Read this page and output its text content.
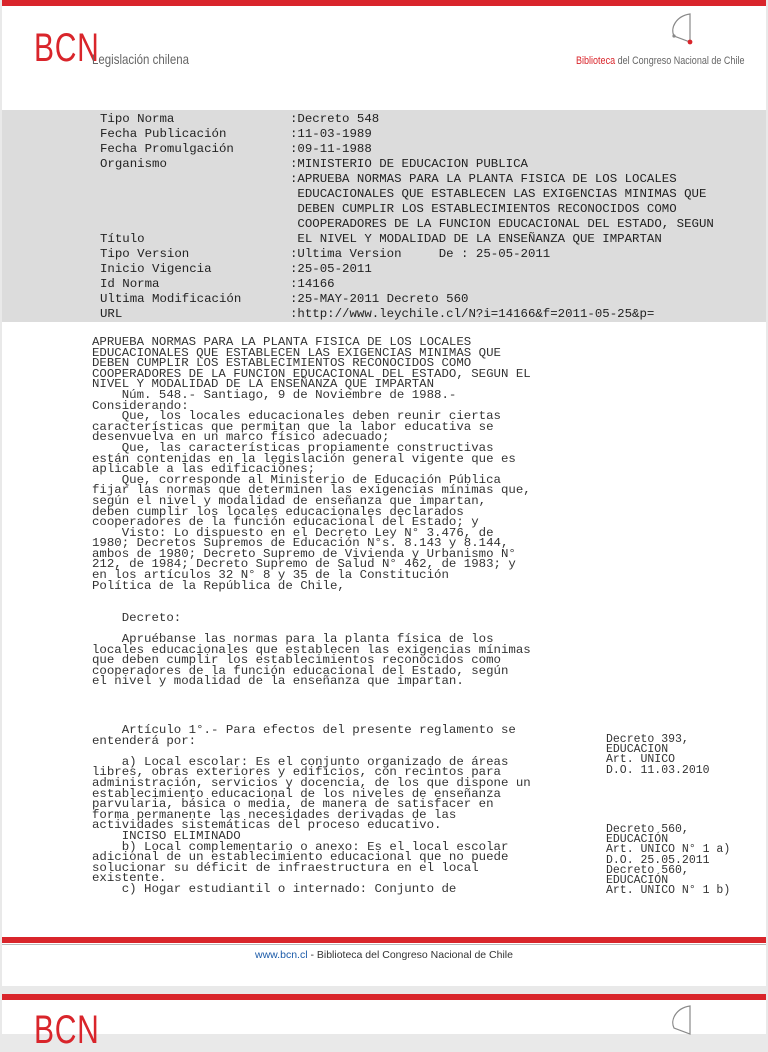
BCN
Legislación chilena	Biblioteca del Congreso Nacional de Chile
Tipo Norma	:Decreto 548
Fecha Publicación	:11-03-1989
Fecha Promulgación	:09-11-1988
Organismo	:MINISTERIO DE EDUCACION PUBLICA
Título:APRUEBA NORMAS PARA LA PLANTA FISICA DE LOS LOCALES
EDUCACIONALES QUE ESTABLECEN LAS EXIGENCIAS MINIMAS QUE
DEBEN CUMPLIR LOS ESTABLECIMIENTOS RECONOCIDOS COMO
COOPERADORES DE LA FUNCION EDUCACIONAL DEL ESTADO, SEGUN
EL NIVEL Y MODALIDAD DE LA ENSEÑANZA QUE IMPARTAN
Tipo Version	:Ultima Version     De : 25-05-2011
Inicio Vigencia	:25-05-2011
Id Norma	:14166
Ultima Modificación	:25-MAY-2011 Decreto 560
URL	:http://www.leychile.cl/N?i=14166&f=2011-05-25&p=
APRUEBA NORMAS PARA LA PLANTA FISICA DE LOS LOCALES
EDUCACIONALES QUE ESTABLECEN LAS EXIGENCIAS MINIMAS QUE
DEBEN CUMPLIR LOS ESTABLECIMIENTOS RECONOCIDOS COMO
COOPERADORES DE LA FUNCION EDUCACIONAL DEL ESTADO, SEGUN EL
NIVEL Y MODALIDAD DE LA ENSEÑANZA QUE IMPARTAN
Núm. 548.- Santiago, 9 de Noviembre de 1988.-
Considerando:
Que, los locales educacionales deben reunir ciertas
características que permitan que la labor educativa se
desenvuelva en un marco físico adecuado;
Que, las características propiamente constructivas
están contenidas en la legislación general vigente que es
aplicable a las edificaciones;
Que, corresponde al Ministerio de Educación Pública
fijar las normas que determinen las exigencias mínimas que,
según el nivel y modalidad de enseñanza que impartan,
deben cumplir los locales educacionales declarados
cooperadores de la función educacional del Estado; y
Visto: Lo dispuesto en el Decreto Ley N° 3.476, de
1980; Decretos Supremos de Educación N°s. 8.143 y 8.144,
ambos de 1980; Decreto Supremo de Vivienda y Urbanismo N°
212, de 1984; Decreto Supremo de Salud N° 462, de 1983; y
en los artículos 32 N° 8 y 35 de la Constitución
Política de la República de Chile,
Decreto:
Apruébanse las normas para la planta física de los
locales educacionales que establecen las exigencias mínimas
que deben cumplir los establecimientos reconocidos como
cooperadores de la función educacional del Estado, según
el nivel y modalidad de la enseñanza que impartan.
Artículo 1°.- Para efectos del presente reglamento se
entenderá por:

a) Local escolar: Es el conjunto organizado de áreas
libres, obras exteriores y edificios, con recintos para
administración, servicios y docencia, de los que dispone un
establecimiento educacional de los niveles de enseñanza
parvularia, básica o media, de manera de satisfacer en
forma permanente las necesidades derivadas de las
actividades sistemáticas del proceso educativo.
INCISO ELIMINADO
b) Local complementario o anexo: Es el local escolar
adicional de un establecimiento educacional que no puede
solucionar su déficit de infraestructura en el local
existente.
c) Hogar estudiantil o internado: Conjunto de
Decreto 393,
EDUCACION
Art. UNICO
D.O. 11.03.2010
Decreto 560,
EDUCACIÓN
Art. UNICO N° 1 a)
D.O. 25.05.2011
Decreto 560,
EDUCACIÓN
Art. UNICO N° 1 b)
www.bcn.cl - Biblioteca del Congreso Nacional de Chile
BCN
